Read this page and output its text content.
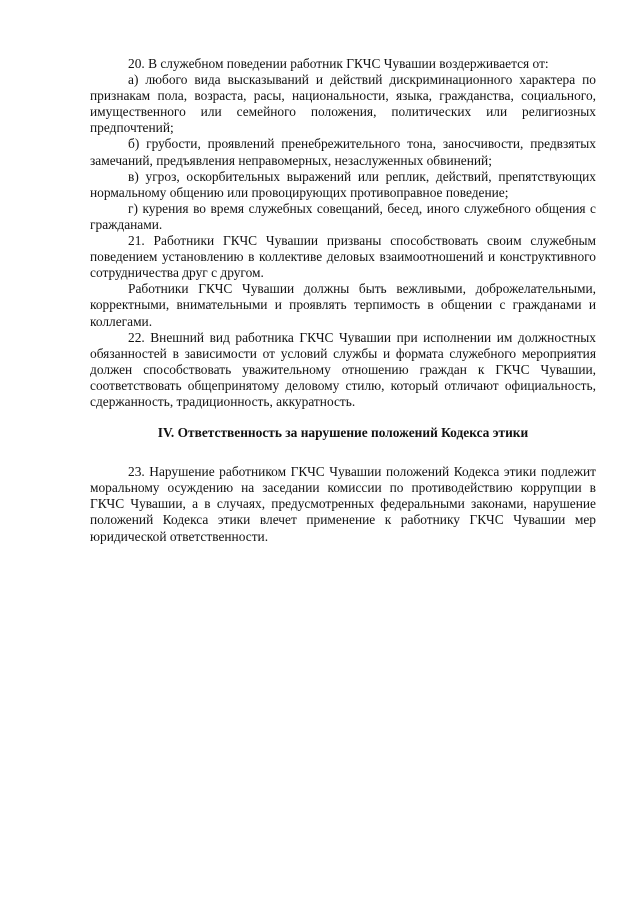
20. В служебном поведении работник ГКЧС Чувашии воздерживается от:

а) любого вида высказываний и действий дискриминационного характера по признакам пола, возраста, расы, национальности, языка, гражданства, социального, имущественного или семейного положения, политических или религиозных предпочтений;

б) грубости, проявлений пренебрежительного тона, заносчивости, предвзятых замечаний, предъявления неправомерных, незаслуженных обвинений;

в) угроз, оскорбительных выражений или реплик, действий, препятствующих нормальному общению или провоцирующих противоправное поведение;

г) курения во время служебных совещаний, бесед, иного служебного общения с гражданами.

21. Работники ГКЧС Чувашии призваны способствовать своим служебным поведением установлению в коллективе деловых взаимоотношений и конструктивного сотрудничества друг с другом.

Работники ГКЧС Чувашии должны быть вежливыми, доброжелательными, корректными, внимательными и проявлять терпимость в общении с гражданами и коллегами.

22. Внешний вид работника ГКЧС Чувашии при исполнении им должностных обязанностей в зависимости от условий службы и формата служебного мероприятия должен способствовать уважительному отношению граждан к ГКЧС Чувашии, соответствовать общепринятому деловому стилю, который отличают официальность, сдержанность, традиционность, аккуратность.

IV. Ответственность за нарушение положений Кодекса этики

23. Нарушение работником ГКЧС Чувашии положений Кодекса этики подлежит моральному осуждению на заседании комиссии по противодействию коррупции в ГКЧС Чувашии, а в случаях, предусмотренных федеральными законами, нарушение положений Кодекса этики влечет применение к работнику ГКЧС Чувашии мер юридической ответственности.
